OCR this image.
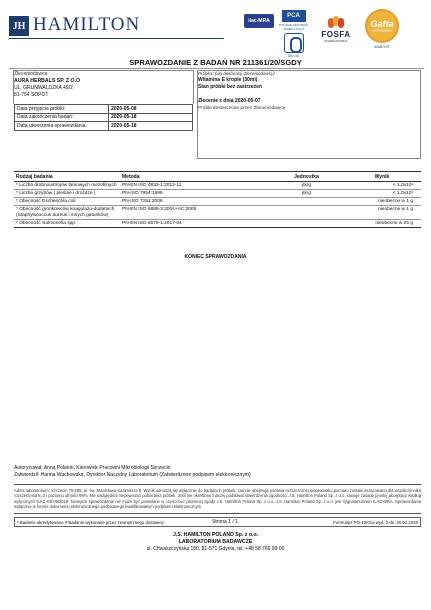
JH HAMILTON	PCA
POLSKIE CENTRUM AKREDYTACJI
AB 019
ilac-MRA
FOSFA
INTERNATIONAL
Gafta
APPROVED
ANALYST
SPRAWOZDANIE Z BADAŃ NR 211361/20/SGDY
Zleceniodawca
AURA HERBALS SP. Z O.O
UL. GRUNWALDZKA 49/2
81-754 SOPOT
Data przyjęcia próbki:	2020-05-08
Data zakończenia badań:	2020-05-18
Data utworzenia sprawozdania:	2020-05-18
Próbka: (wg deklaracji Zleceniodawcy)
Witamina E krople (30ml)
Stan próbki bez zastrzeżeń
Zlecenie z dnia 2020-05-07
Próbki dostarczone przez Zleceniodawcę
Rodzaj badania	Metoda	Jednostka	Wynik
* Liczba drobnoustrojów tlenowych mezofilnych	PN-EN ISO 4833-1:2013-12	jtk/g	< 1,0x10¹
* Liczba grzybów ( pleśnie i drożdże )	PN-ISO 7954:1999	jtk/g	< 1,0x10¹
* Obecność Escherichia coli	PN-ISO 7251:2006		nieobecne w 1 g
* Obecność gronkowców koagulazo-dodatnich (Staphylococcus aureus i innych gatunków)	PN-EN ISO 6888-3:2004+AC:2005		nieobecne w 1 g
* Obecność Salmonella spp.	PN-EN ISO 6579-1:2017-04		nieobecne w 25 g
KONIEC SPRAWOZDANIA
Autoryzował: Anna Polanin, Kierownik Pracowni Mikrobiologii Szczecin
Zatwierdził: Hanna Wachowska, Dyrektor Naczelny Laboratorium (Zatwierdzone podpisem elektronicznym)
Adres laboratorium: Szczecin 70-605, ul. św. Stanisława Kazimierza 8. Wynik odnoszą się wyłącznie do badanych próbek, zaś nie obejmują podania rozszerzonej niepewności pomiaru zostala oszacowana dla współczynnika rozszerzenia k=2 i poziomu ufności 95%. Nie uwzględnia niepewności pobierania próbek. Jeśli nie określono inaczej podstawa stwierdzenia zgodności J.S. Hamilton Poland Sp. z o.o. stosuje zasadę prostej akceptacji według wytycznych ILAC-G8:09/2019. Niniejsze sprawozdanie nie może być powielane w części bez pisemnej zgody J.S. Hamilton Poland Sp. z o.o. J.S. Hamilton Poland Sp. z o.o. jest sygnatariuszem ILAC-MRA. Sprawozdania wyłącznie w formie dokumentu elektronicznego podpisanego kwalifikowanym podpisem elektronicznym.
* Badanie akredytowane # Badanie wykonane przez zewnętrznego dostawcę	Strona 1 / 1	Formularz PO-10/01a wyd. 2 dn. 20.01.2020
J.S. HAMILTON POLAND Sp. z o.o.
LABORATORIUM BADAWCZE
ul. Chwaszczyńska 180, 81-571 Gdynia, tel. +48 58 766 99 00
